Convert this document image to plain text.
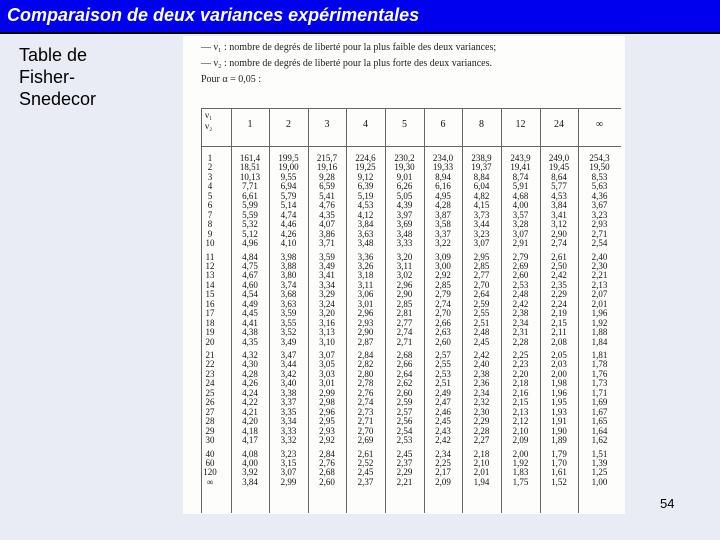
Comparaison de deux variances expérimentales
Table de
Fisher-
Snedecor
— ν₁ : nombre de degrés de liberté pour la plus faible des deux variances;
— ν₂ : nombre de degrés de liberté pour la plus forte des deux variances.
Pour α = 0,05 :
ν₁
ν₂	1	2	3	4	5	6	8	12	24	∞
1	161,4	199,5	215,7	224,6	230,2	234,0	238,9	243,9	249,0	254,3
2	18,51	19,00	19,16	19,25	19,30	19,33	19,37	19,41	19,45	19,50
3	10,13	9,55	9,28	9,12	9,01	8,94	8,84	8,74	8,64	8,53
4	7,71	6,94	6,59	6,39	6,26	6,16	6,04	5,91	5,77	5,63
5	6,61	5,79	5,41	5,19	5,05	4,95	4,82	4,68	4,53	4,36
6	5,99	5,14	4,76	4,53	4,39	4,28	4,15	4,00	3,84	3,67
7	5,59	4,74	4,35	4,12	3,97	3,87	3,73	3,57	3,41	3,23
8	5,32	4,46	4,07	3,84	3,69	3,58	3,44	3,28	3,12	2,93
9	5,12	4,26	3,86	3,63	3,48	3,37	3,23	3,07	2,90	2,71
10	4,96	4,10	3,71	3,48	3,33	3,22	3,07	2,91	2,74	2,54
11	4,84	3,98	3,59	3,36	3,20	3,09	2,95	2,79	2,61	2,40
12	4,75	3,88	3,49	3,26	3,11	3,00	2,85	2,69	2,50	2,30
13	4,67	3,80	3,41	3,18	3,02	2,92	2,77	2,60	2,42	2,21
14	4,60	3,74	3,34	3,11	2,96	2,85	2,70	2,53	2,35	2,13
15	4,54	3,68	3,29	3,06	2,90	2,79	2,64	2,48	2,29	2,07
16	4,49	3,63	3,24	3,01	2,85	2,74	2,59	2,42	2,24	2,01
17	4,45	3,59	3,20	2,96	2,81	2,70	2,55	2,38	2,19	1,96
18	4,41	3,55	3,16	2,93	2,77	2,66	2,51	2,34	2,15	1,92
19	4,38	3,52	3,13	2,90	2,74	2,63	2,48	2,31	2,11	1,88
20	4,35	3,49	3,10	2,87	2,71	2,60	2,45	2,28	2,08	1,84
21	4,32	3,47	3,07	2,84	2,68	2,57	2,42	2,25	2,05	1,81
22	4,30	3,44	3,05	2,82	2,66	2,55	2,40	2,23	2,03	1,78
23	4,28	3,42	3,03	2,80	2,64	2,53	2,38	2,20	2,00	1,76
24	4,26	3,40	3,01	2,78	2,62	2,51	2,36	2,18	1,98	1,73
25	4,24	3,38	2,99	2,76	2,60	2,49	2,34	2,16	1,96	1,71
26	4,22	3,37	2,98	2,74	2,59	2,47	2,32	2,15	1,95	1,69
27	4,21	3,35	2,96	2,73	2,57	2,46	2,30	2,13	1,93	1,67
28	4,20	3,34	2,95	2,71	2,56	2,45	2,29	2,12	1,91	1,65
29	4,18	3,33	2,93	2,70	2,54	2,43	2,28	2,10	1,90	1,64
30	4,17	3,32	2,92	2,69	2,53	2,42	2,27	2,09	1,89	1,62
40	4,08	3,23	2,84	2,61	2,45	2,34	2,18	2,00	1,79	1,51
60	4,00	3,15	2,76	2,52	2,37	2,25	2,10	1,92	1,70	1,39
120	3,92	3,07	2,68	2,45	2,29	2,17	2,01	1,83	1,61	1,25
∞	3,84	2,99	2,60	2,37	2,21	2,09	1,94	1,75	1,52	1,00
54
